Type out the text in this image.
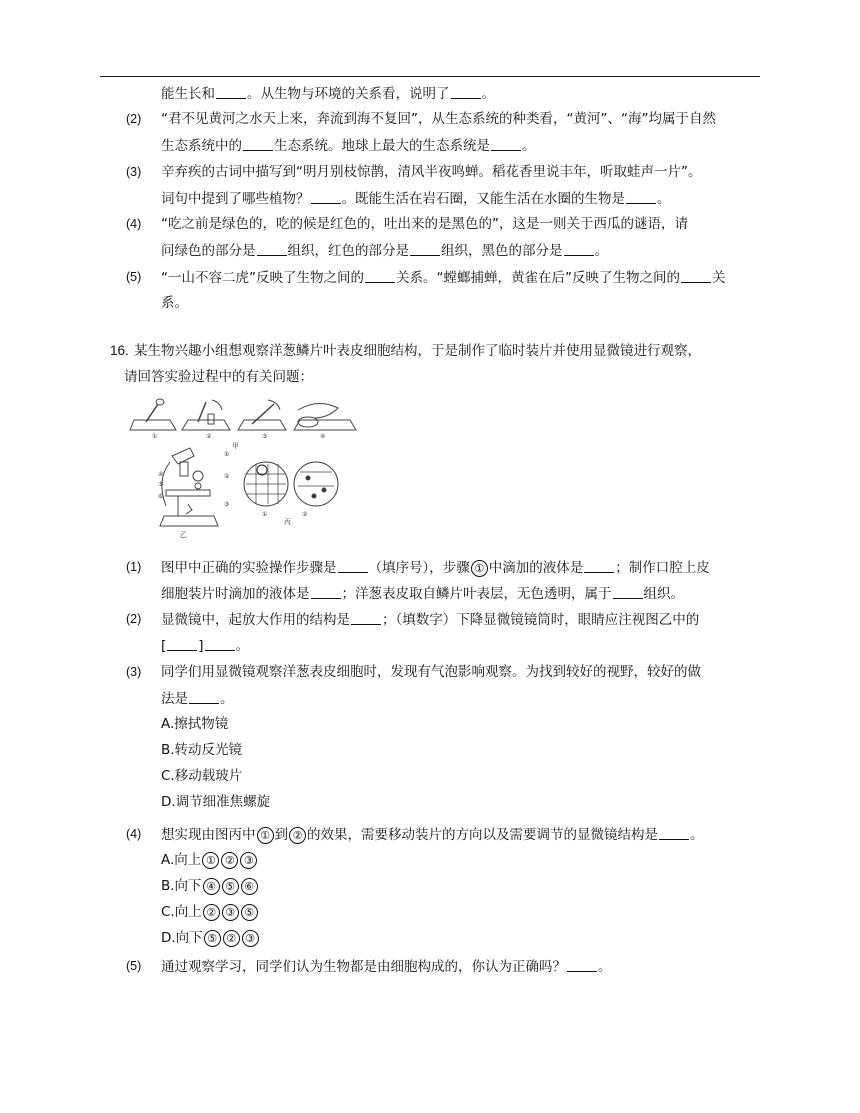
能生长和 。从生物与环境的关系看，说明了 。
(2) “君不见黄河之水天上来，奔流到海不复回”，从生态系统的种类看，“黄河”、“海”均属于自然
生态系统中的 生态系统。地球上最大的生态系统是 。
(3) 辛弃疾的古词中描写到“明月别枝惊鹊，清风半夜鸣蝉。稻花香里说丰年，听取蛙声一片”。
词句中提到了哪些植物？ 。既能生活在岩石圈，又能生活在水圈的生物是 。
(4) “吃之前是绿色的，吃的候是红色的，吐出来的是黑色的”，这是一则关于西瓜的谜语，请
问绿色的部分是 组织，红色的部分是 组织，黑色的部分是 。
(5) “一山不容二虎”反映了生物之间的 关系。“螳螂捕蝉，黄雀在后”反映了生物之间的 关
系。
16. 某生物兴趣小组想观察洋葱鳞片叶表皮细胞结构，于是制作了临时装片并使用显微镜进行观察，
请回答实验过程中的有关问题：
①	②	③	④
甲
①
②
③
④
⑤
⑥
乙
①	②
丙
(1) 图甲中正确的实验操作步骤是 （填序号），步骤 ① 中滴加的液体是 ；制作口腔上皮
细胞装片时滴加的液体是 ；洋葱表皮取自鳞片叶表层，无色透明，属于 组织。
(2) 显微镜中，起放大作用的结构是 ；（填数字）下降显微镜镜筒时，眼睛应注视图乙中的
[ ] 。
(3) 同学们用显微镜观察洋葱表皮细胞时，发现有气泡影响观察。为找到较好的视野，较好的做
法是 。
A.擦拭物镜
B.转动反光镜
C.移动载玻片
D.调节细准焦螺旋
(4) 想实现由图丙中 ① 到 ② 的效果，需要移动装片的方向以及需要调节的显微镜结构是 。
A.向上 ① ② ③
B.向下 ④ ⑤ ⑥
C.向上 ② ③ ⑤
D.向下 ⑤ ② ③
(5) 通过观察学习，同学们认为生物都是由细胞构成的，你认为正确吗？ 。
